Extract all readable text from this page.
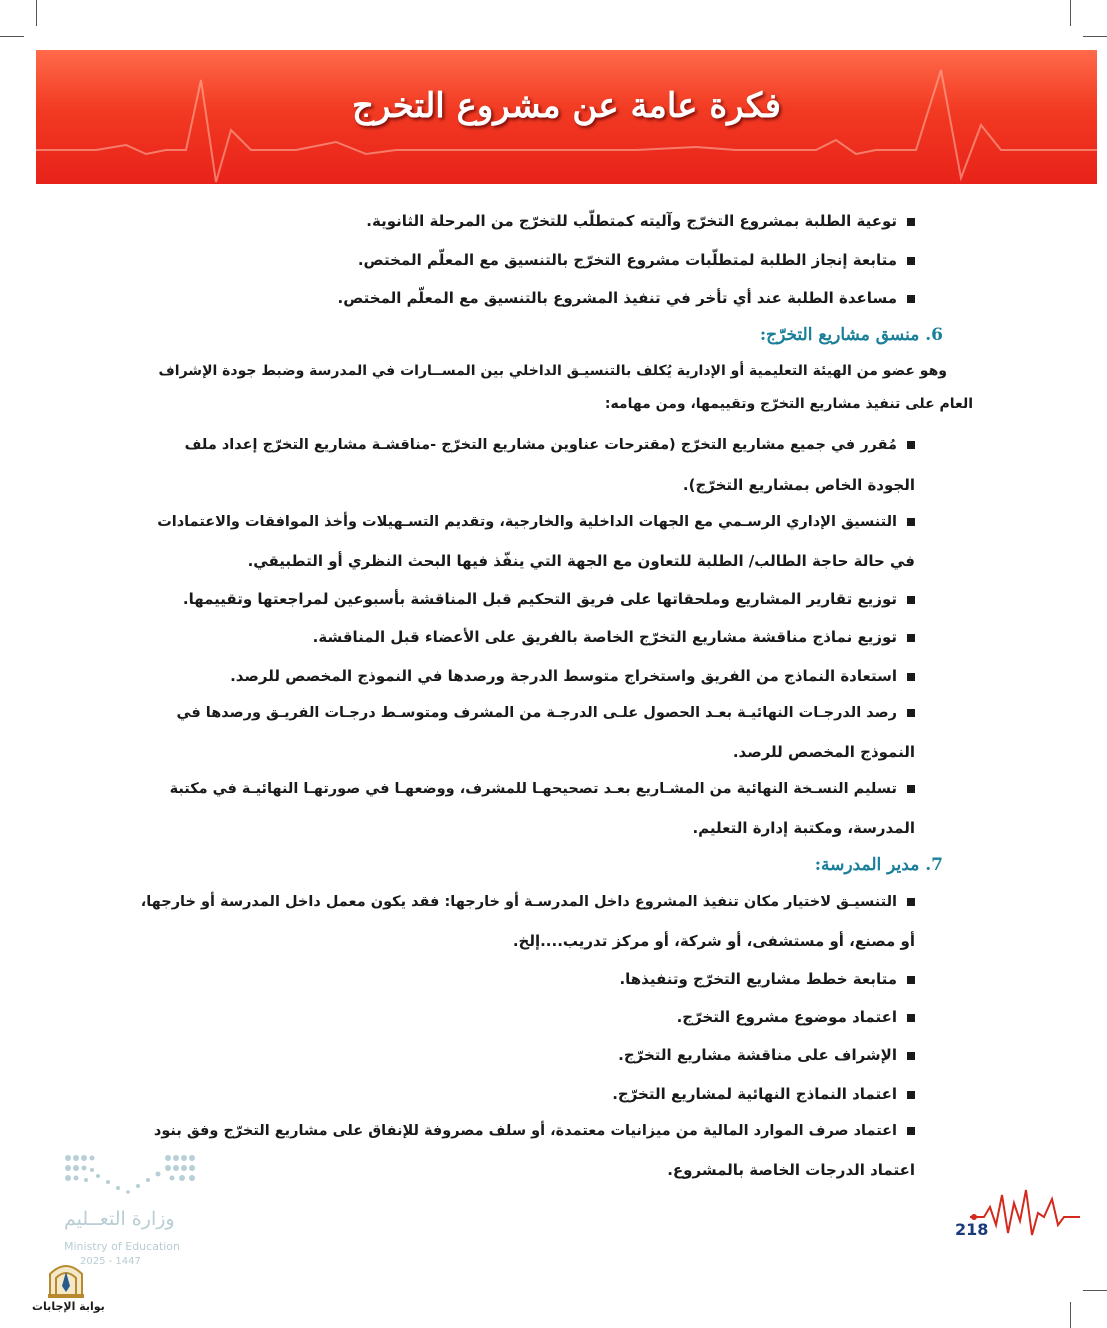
فكرة عامة عن مشروع التخرج
توعية الطلبة بمشروع التخرّج وآليته كمتطلّب للتخرّج من المرحلة الثانوية.
متابعة إنجاز الطلبة لمتطلّبات مشروع التخرّج بالتنسيق مع المعلّم المختص.
مساعدة الطلبة عند أي تأخر في تنفيذ المشروع بالتنسيق مع المعلّم المختص.
6. منسق مشاريع التخرّج:
وهو عضو من الهيئة التعليمية أو الإدارية يُكلف بالتنسيـق الداخلي بين المســارات في المدرسة وضبط جودة الإشراف
العام على تنفيذ مشاريع التخرّج وتقييمها، ومن مهامه:
مُقرر في جميع مشاريع التخرّج (مقترحات عناوين مشاريع التخرّج -مناقشـة مشاريع التخرّج إعداد ملف
الجودة الخاص بمشاريع التخرّج).
التنسيق الإداري الرسـمي مع الجهات الداخلية والخارجية، وتقديم التسـهيلات وأخذ الموافقات والاعتمادات
في حالة حاجة الطالب/ الطلبة للتعاون مع الجهة التي ينفّذ فيها البحث النظري أو التطبيقي.
توزيع تقارير المشاريع وملحقاتها على فريق التحكيم قبل المناقشة بأسبوعين لمراجعتها وتقييمها.
توزيع نماذج مناقشة مشاريع التخرّج الخاصة بالفريق على الأعضاء قبل المناقشة.
استعادة النماذج من الفريق واستخراج متوسط الدرجة ورصدها في النموذج المخصص للرصد.
رصد الدرجـات النهائيـة بعـد الحصول علـى الدرجـة من المشرف ومتوسـط درجـات الفريـق ورصدها في
النموذج المخصص للرصد.
تسليم النسـخة النهائية من المشـاريع بعـد تصحيحهـا للمشرف، ووضعهـا في صورتهـا النهائيـة في مكتبة
المدرسة، ومكتبة إدارة التعليم.
7. مدير المدرسة:
التنسيـق لاختيار مكان تنفيذ المشروع داخل المدرسـة أو خارجها: فقد يكون معمل داخل المدرسة أو خارجها،
أو مصنع، أو مستشفى، أو شركة، أو مركز تدريب....إلخ.
متابعة خطط مشاريع التخرّج وتنفيذها.
اعتماد موضوع مشروع التخرّج.
الإشراف على مناقشة مشاريع التخرّج.
اعتماد النماذج النهائية لمشاريع التخرّج.
اعتماد صرف الموارد المالية من ميزانيات معتمدة، أو سلف مصروفة للإنفاق على مشاريع التخرّج وفق بنود
اعتماد الدرجات الخاصة بالمشروع.
218
وزارة التعــليم
Ministry of Education
2025 - 1447
بوابة الإجابات
